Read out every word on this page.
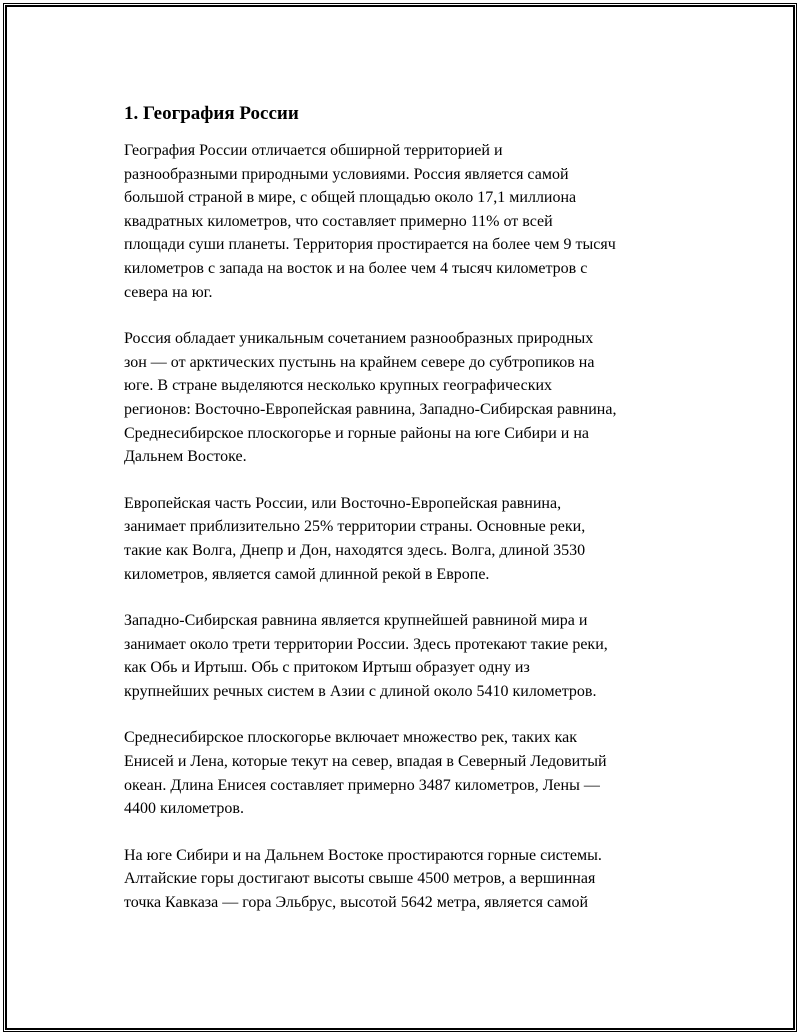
1. География России

География России отличается обширной территорией и
разнообразными природными условиями. Россия является самой
большой страной в мире, с общей площадью около 17,1 миллиона
квадратных километров, что составляет примерно 11% от всей
площади суши планеты. Территория простирается на более чем 9 тысяч
километров с запада на восток и на более чем 4 тысяч километров с
севера на юг.

Россия обладает уникальным сочетанием разнообразных природных
зон — от арктических пустынь на крайнем севере до субтропиков на
юге. В стране выделяются несколько крупных географических
регионов: Восточно-Европейская равнина, Западно-Сибирская равнина,
Среднесибирское плоскогорье и горные районы на юге Сибири и на
Дальнем Востоке.

Европейская часть России, или Восточно-Европейская равнина,
занимает приблизительно 25% территории страны. Основные реки,
такие как Волга, Днепр и Дон, находятся здесь. Волга, длиной 3530
километров, является самой длинной рекой в Европе.

Западно-Сибирская равнина является крупнейшей равниной мира и
занимает около трети территории России. Здесь протекают такие реки,
как Обь и Иртыш. Обь с притоком Иртыш образует одну из
крупнейших речных систем в Азии с длиной около 5410 километров.

Среднесибирское плоскогорье включает множество рек, таких как
Енисей и Лена, которые текут на север, впадая в Северный Ледовитый
океан. Длина Енисея составляет примерно 3487 километров, Лены —
4400 километров.

На юге Сибири и на Дальнем Востоке простираются горные системы.
Алтайские горы достигают высоты свыше 4500 метров, а вершинная
точка Кавказа — гора Эльбрус, высотой 5642 метра, является самой
